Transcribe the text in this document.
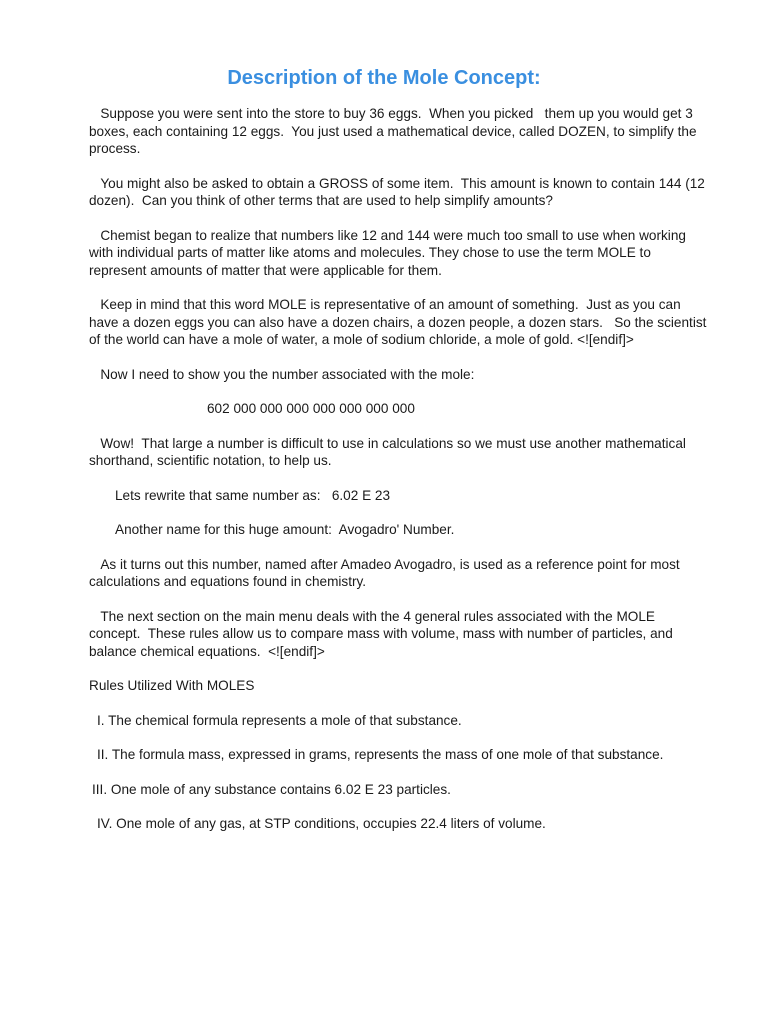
Description of the Mole Concept:

Suppose you were sent into the store to buy 36 eggs.  When you picked   them up you would get 3 boxes, each containing 12 eggs.  You just used a mathematical device, called DOZEN, to simplify the process.

You might also be asked to obtain a GROSS of some item.  This amount is known to contain 144 (12 dozen).  Can you think of other terms that are used to help simplify amounts?

Chemist began to realize that numbers like 12 and 144 were much too small to use when working with individual parts of matter like atoms and molecules. They chose to use the term MOLE to represent amounts of matter that were applicable for them.

Keep in mind that this word MOLE is representative of an amount of something.  Just as you can have a dozen eggs you can also have a dozen chairs, a dozen people, a dozen stars.   So the scientist of the world can have a mole of water, a mole of sodium chloride, a mole of gold. <![endif]>

Now I need to show you the number associated with the mole:

602 000 000 000 000 000 000 000

Wow!  That large a number is difficult to use in calculations so we must use another mathematical shorthand, scientific notation, to help us.

Lets rewrite that same number as:   6.02 E 23

Another name for this huge amount:  Avogadro' Number.

As it turns out this number, named after Amadeo Avogadro, is used as a reference point for most calculations and equations found in chemistry.

The next section on the main menu deals with the 4 general rules associated with the MOLE concept.  These rules allow us to compare mass with volume, mass with number of particles, and balance chemical equations.  <![endif]>

Rules Utilized With MOLES

I. The chemical formula represents a mole of that substance.

II. The formula mass, expressed in grams, represents the mass of one mole of that substance.

III. One mole of any substance contains 6.02 E 23 particles.

IV. One mole of any gas, at STP conditions, occupies 22.4 liters of volume.
